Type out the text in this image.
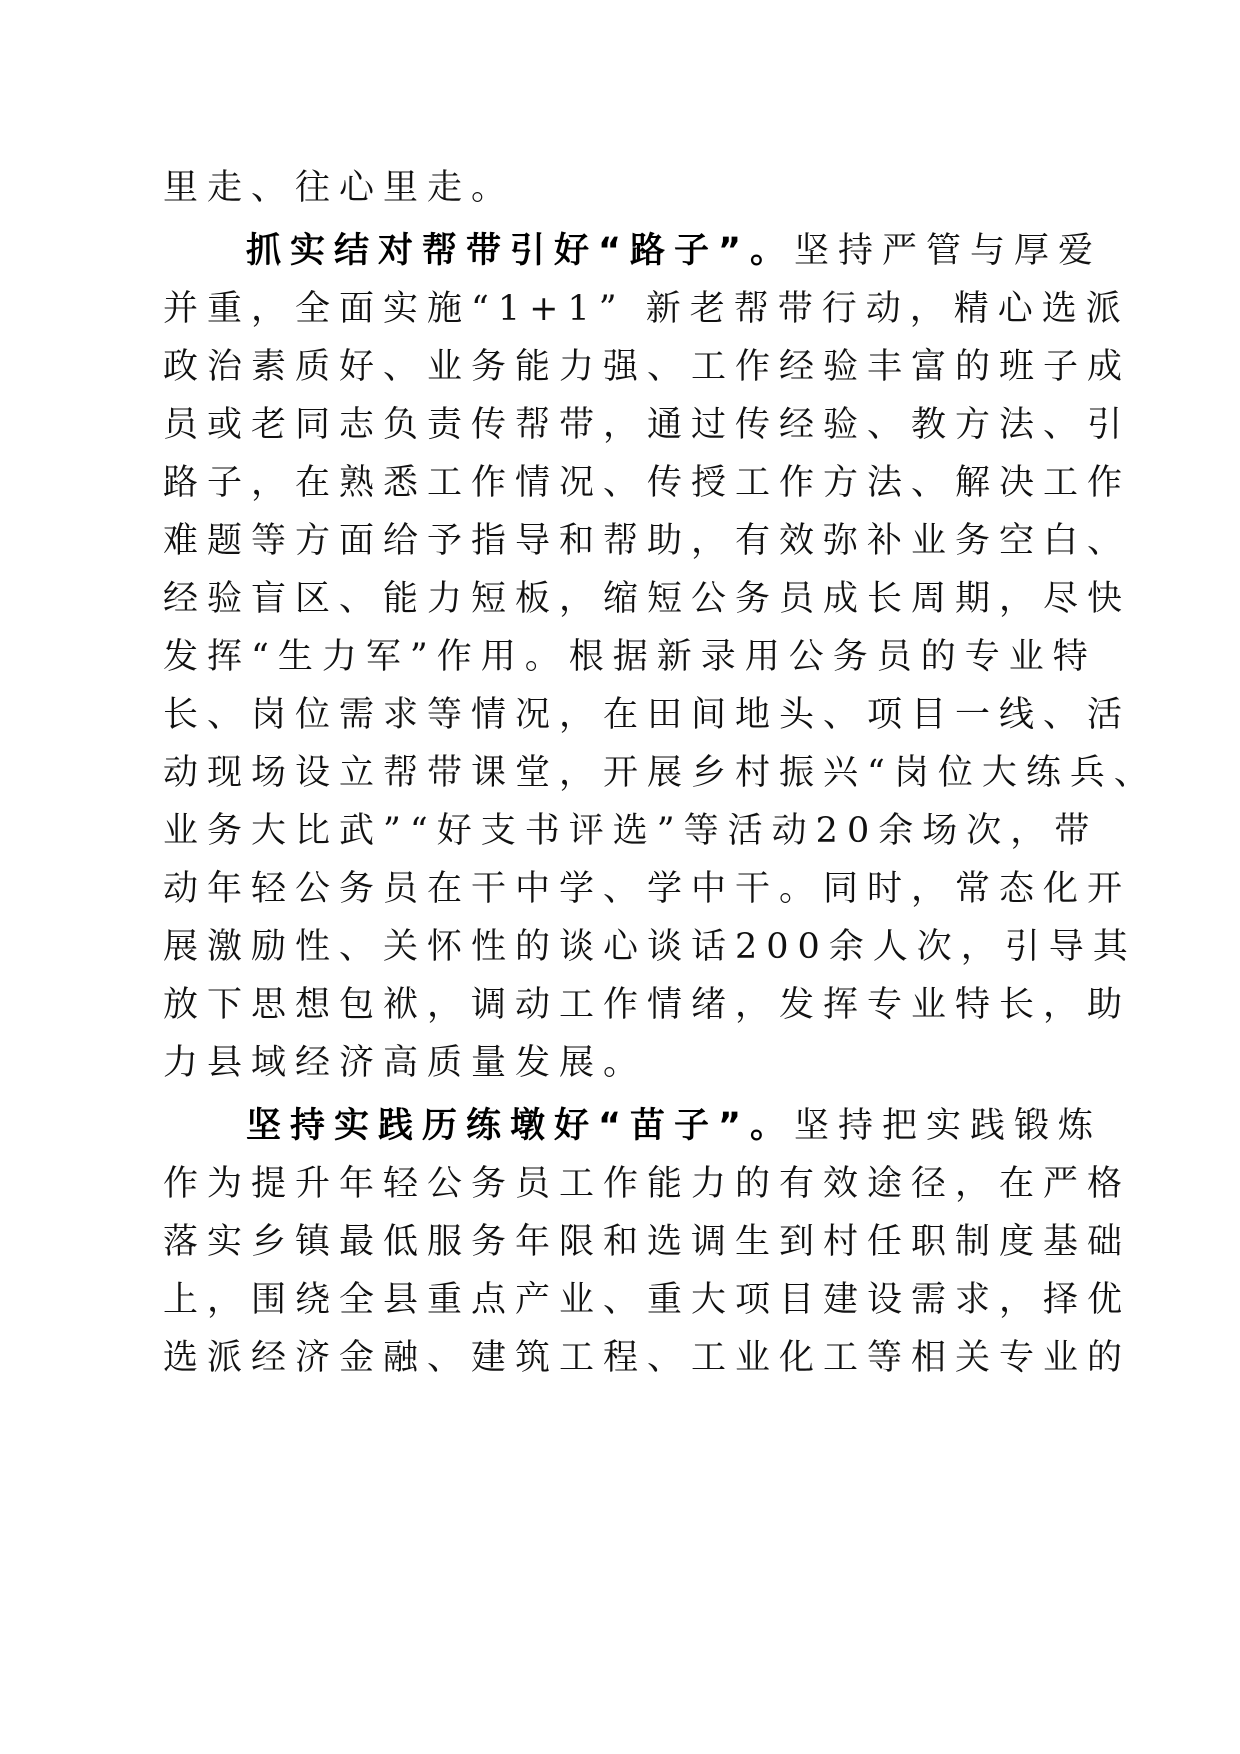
里走、往心里走。
抓实结对帮带引好“路子”。坚持严管与厚爱
并重，全面实施“1+1” 新老帮带行动，精心选派
政治素质好、业务能力强、工作经验丰富的班子成
员或老同志负责传帮带，通过传经验、教方法、引
路子，在熟悉工作情况、传授工作方法、解决工作
难题等方面给予指导和帮助，有效弥补业务空白、
经验盲区、能力短板，缩短公务员成长周期，尽快
发挥“生力军”作用。根据新录用公务员的专业特
长、岗位需求等情况，在田间地头、项目一线、活
动现场设立帮带课堂，开展乡村振兴“岗位大练兵、
业务大比武”“好支书评选”等活动20余场次，带
动年轻公务员在干中学、学中干。同时，常态化开
展激励性、关怀性的谈心谈话200余人次，引导其
放下思想包袱，调动工作情绪，发挥专业特长，助
力县域经济高质量发展。
坚持实践历练墩好“苗子”。坚持把实践锻炼
作为提升年轻公务员工作能力的有效途径，在严格
落实乡镇最低服务年限和选调生到村任职制度基础
上，围绕全县重点产业、重大项目建设需求，择优
选派经济金融、建筑工程、工业化工等相关专业的
